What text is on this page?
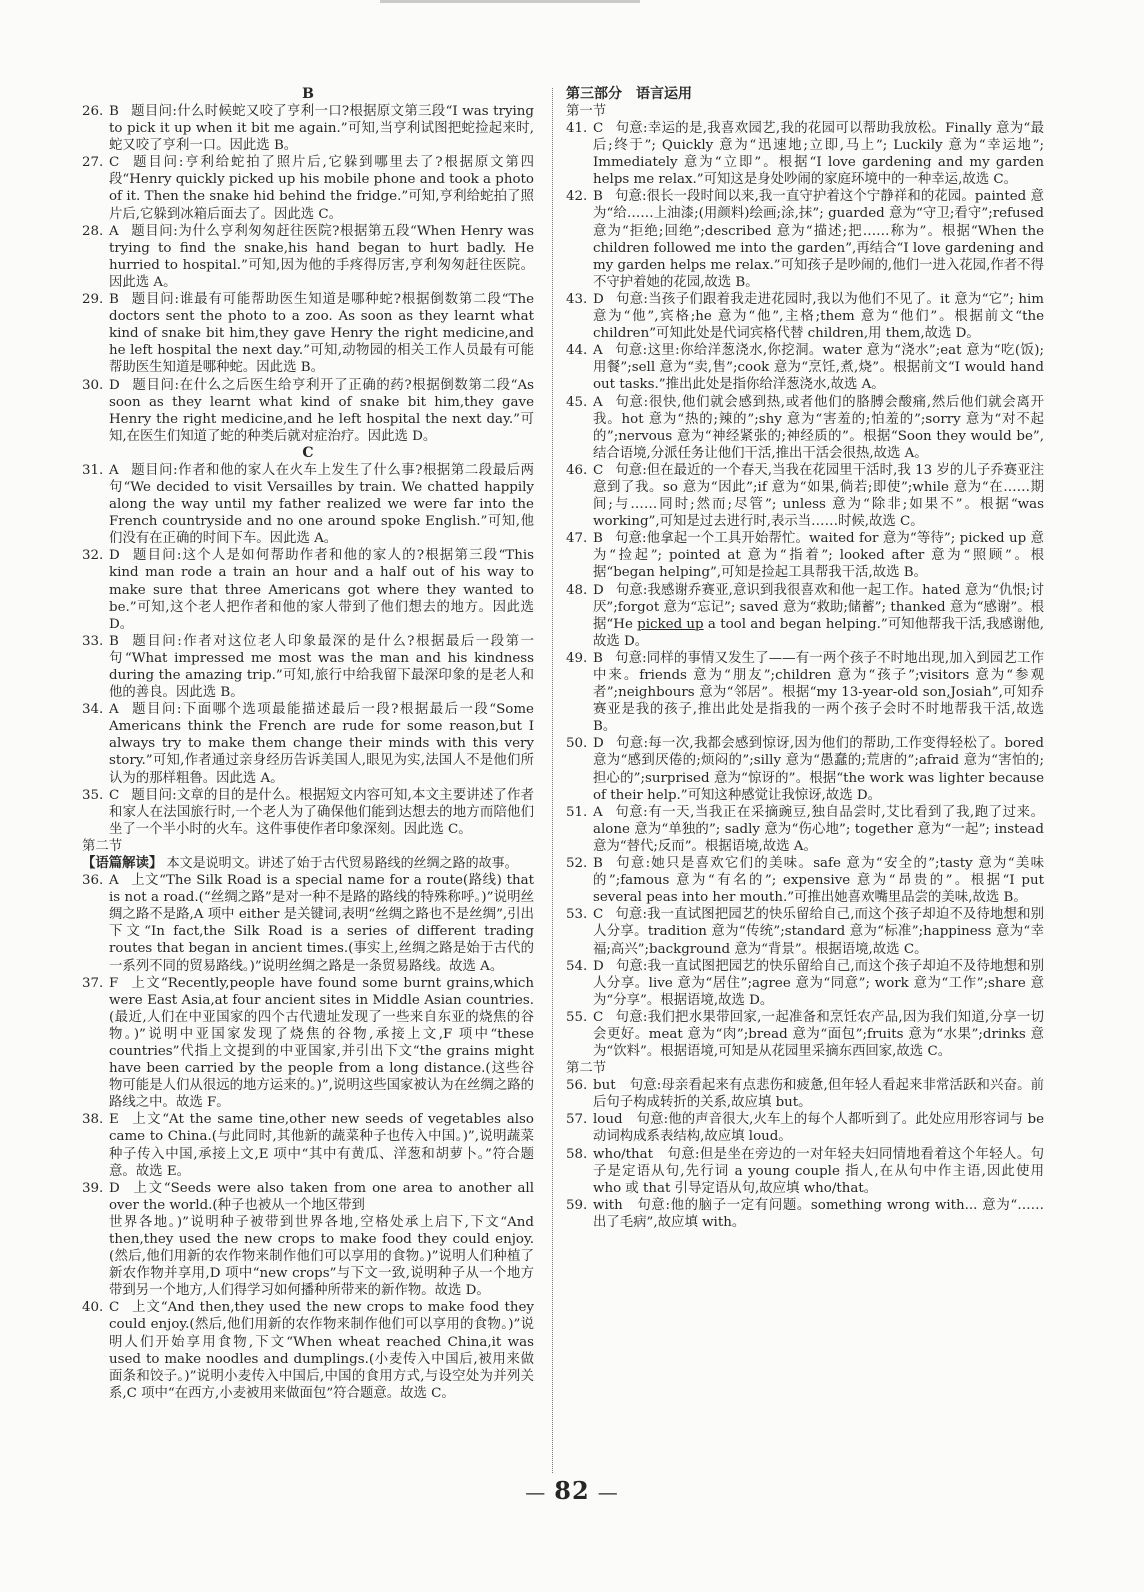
B

26. B 题目问:什么时候蛇又咬了亨利一口?根据原文第三段“I was trying to pick it up when it bit me again.”可知,当亨利试图把蛇捡起来时,蛇又咬了亨利一口。因此选 B。

27. C 题目问:亨利给蛇拍了照片后,它躲到哪里去了?根据原文第四段“Henry quickly picked up his mobile phone and took a photo of it. Then the snake hid behind the fridge.”可知,亨利给蛇拍了照片后,它躲到冰箱后面去了。因此选 C。

28. A 题目问:为什么亨利匆匆赶往医院?根据第五段“When Henry was trying to find the snake,his hand began to hurt badly. He hurried to hospital.”可知,因为他的手疼得厉害,亨利匆匆赶往医院。因此选 A。

29. B 题目问:谁最有可能帮助医生知道是哪种蛇?根据倒数第二段“The doctors sent the photo to a zoo. As soon as they learnt what kind of snake bit him,they gave Henry the right medicine,and he left hospital the next day.”可知,动物园的相关工作人员最有可能帮助医生知道是哪种蛇。因此选 B。

30. D 题目问:在什么之后医生给亨利开了正确的药?根据倒数第二段“As soon as they learnt what kind of snake bit him,they gave Henry the right medicine,and he left hospital the next day.”可知,在医生们知道了蛇的种类后就对症治疗。因此选 D。

C

31. A 题目问:作者和他的家人在火车上发生了什么事?根据第二段最后两句“We decided to visit Versailles by train. We chatted happily along the way until my father realized we were far into the French countryside and no one around spoke English.”可知,他们没有在正确的时间下车。因此选 A。

32. D 题目问:这个人是如何帮助作者和他的家人的?根据第三段“This kind man rode a train an hour and a half out of his way to make sure that three Americans got where they wanted to be.”可知,这个老人把作者和他的家人带到了他们想去的地方。因此选 D。

33. B 题目问:作者对这位老人印象最深的是什么?根据最后一段第一句“What impressed me most was the man and his kindness during the amazing trip.”可知,旅行中给我留下最深印象的是老人和他的善良。因此选 B。

34. A 题目问:下面哪个选项最能描述最后一段?根据最后一段“Some Americans think the French are rude for some reason,but I always try to make them change their minds with this very story.”可知,作者通过亲身经历告诉美国人,眼见为实,法国人不是他们所认为的那样粗鲁。因此选 A。

35. C 题目问:文章的目的是什么。根据短文内容可知,本文主要讲述了作者和家人在法国旅行时,一个老人为了确保他们能到达想去的地方而陪他们坐了一个半小时的火车。这件事使作者印象深刻。因此选 C。

第二节
【语篇解读】 本文是说明文。讲述了始于古代贸易路线的丝绸之路的故事。

36. A 上文“The Silk Road is a special name for a route(路线) that is not a road.(“丝绸之路”是对一种不是路的路线的特殊称呼。)”说明丝绸之路不是路,A 项中 either 是关键词,表明“丝绸之路也不是丝绸”,引出下文“In fact,the Silk Road is a series of different trading routes that began in ancient times.(事实上,丝绸之路是始于古代的一系列不同的贸易路线。)”说明丝绸之路是一条贸易路线。故选 A。

37. F 上文“Recently,people have found some burnt grains,which were East Asia,at four ancient sites in Middle Asian countries.(最近,人们在中亚国家的四个古代遗址发现了一些来自东亚的烧焦的谷物。)”说明中亚国家发现了烧焦的谷物,承接上文,F 项中“these countries”代指上文提到的中亚国家,并引出下文“the grains might have been carried by the people from a long distance.(这些谷物可能是人们从很远的地方运来的。)”,说明这些国家被认为在丝绸之路的路线之中。故选 F。

38. E 上文“At the same tine,other new seeds of vegetables also came to China.(与此同时,其他新的蔬菜种子也传入中国。)”,说明蔬菜种子传入中国,承接上文,E 项中“其中有黄瓜、洋葱和胡萝卜。”符合题意。故选 E。

39. D 上文“Seeds were also taken from one area to another all over the world.(种子也被从一个地区带到
世界各地。)”说明种子被带到世界各地,空格处承上启下,下文“And then,they used the new crops to make food they could enjoy.(然后,他们用新的农作物来制作他们可以享用的食物。)”说明人们种植了新农作物并享用,D 项中“new crops”与下文一致,说明种子从一个地方带到另一个地方,人们得学习如何播种所带来的新作物。故选 D。

40. C 上文“And then,they used the new crops to make food they could enjoy.(然后,他们用新的农作物来制作他们可以享用的食物。)”说明人们开始享用食物,下文“When wheat reached China,it was used to make noodles and dumplings.(小麦传入中国后,被用来做面条和饺子。)”说明小麦传入中国后,中国的食用方式,与设空处为并列关系,C 项中“在西方,小麦被用来做面包”符合题意。故选 C。

第三部分　语言运用
第一节

41. C 句意:幸运的是,我喜欢园艺,我的花园可以帮助我放松。Finally 意为“最后;终于”; Quickly 意为“迅速地;立即,马上”; Luckily 意为“幸运地”; Immediately 意为“立即”。根据“I love gardening and my garden helps me relax.”可知这是身处吵闹的家庭环境中的一种幸运,故选 C。

42. B 句意:很长一段时间以来,我一直守护着这个宁静祥和的花园。painted 意为“给……上油漆;(用颜料)绘画;涂,抹”; guarded 意为“守卫;看守”;refused 意为“拒绝;回绝”;described 意为“描述;把……称为”。根据“When the children followed me into the garden”,再结合“I love gardening and my garden helps me relax.”可知孩子是吵闹的,他们一进入花园,作者不得不守护着她的花园,故选 B。

43. D 句意:当孩子们跟着我走进花园时,我以为他们不见了。it 意为“它”; him 意为“他”,宾格;he 意为“他”,主格;them 意为“他们”。根据前文“the children”可知此处是代词宾格代替 children,用 them,故选 D。

44. A 句意:这里:你给洋葱浇水,你挖洞。water 意为“浇水”;eat 意为“吃(饭);用餐”;sell 意为“卖,售”;cook 意为“烹饪,煮,烧”。根据前文“I would hand out tasks.”推出此处是指你给洋葱浇水,故选 A。

45. A 句意:很快,他们就会感到热,或者他们的胳膊会酸痛,然后他们就会离开我。hot 意为“热的;辣的”;shy 意为“害羞的;怕羞的”;sorry 意为“对不起的”;nervous 意为“神经紧张的;神经质的”。根据“Soon they would be”,结合语境,分派任务让他们干活,推出干活会很热,故选 A。

46. C 句意:但在最近的一个春天,当我在花园里干活时,我 13 岁的儿子乔赛亚注意到了我。so 意为“因此”;if 意为“如果,倘若;即使”;while 意为“在……期间;与……同时;然而;尽管”; unless 意为“除非;如果不”。根据“was working”,可知是过去进行时,表示当……时候,故选 C。

47. B 句意:他拿起一个工具开始帮忙。waited for 意为“等待”; picked up 意为“捡起”; pointed at 意为“指着”; looked after 意为“照顾”。根据“began helping”,可知是捡起工具帮我干活,故选 B。

48. D 句意:我感谢乔赛亚,意识到我很喜欢和他一起工作。hated 意为“仇恨;讨厌”;forgot 意为“忘记”; saved 意为“救助;储蓄”; thanked 意为“感谢”。根据“He picked up a tool and began helping.”可知他帮我干活,我感谢他,故选 D。

49. B 句意:同样的事情又发生了——有一两个孩子不时地出现,加入到园艺工作中来。friends 意为“朋友”;children 意为“孩子”;visitors 意为“参观者”;neighbours 意为“邻居”。根据“my 13-year-old son,Josiah”,可知乔赛亚是我的孩子,推出此处是指我的一两个孩子会时不时地帮我干活,故选 B。

50. D 句意:每一次,我都会感到惊讶,因为他们的帮助,工作变得轻松了。bored 意为“感到厌倦的;烦闷的”;silly 意为“愚蠢的;荒唐的”;afraid 意为“害怕的;担心的”;surprised 意为“惊讶的”。根据“the work was lighter because of their help.”可知这种感觉让我惊讶,故选 D。

51. A 句意:有一天,当我正在采摘豌豆,独自品尝时,艾比看到了我,跑了过来。alone 意为“单独的”; sadly 意为“伤心地”; together 意为“一起”; instead 意为“替代;反而”。根据语境,故选 A。

52. B 句意:她只是喜欢它们的美味。safe 意为“安全的”;tasty 意为“美味的”;famous 意为“有名的”; expensive 意为“昂贵的”。根据“I put several peas into her mouth.”可推出她喜欢嘴里品尝的美味,故选 B。

53. C 句意:我一直试图把园艺的快乐留给自己,而这个孩子却迫不及待地想和别人分享。tradition 意为“传统”;standard 意为“标准”;happiness 意为“幸福;高兴”;background 意为“背景”。根据语境,故选 C。

54. D 句意:我一直试图把园艺的快乐留给自己,而这个孩子却迫不及待地想和别人分享。live 意为“居住”;agree 意为“同意”; work 意为“工作”;share 意为“分享”。根据语境,故选 D。

55. C 句意:我们把水果带回家,一起准备和烹饪农产品,因为我们知道,分享一切会更好。meat 意为“肉”;bread 意为“面包”;fruits 意为“水果”;drinks 意为“饮料”。根据语境,可知是从花园里采摘东西回家,故选 C。

第二节

56. but 句意:母亲看起来有点悲伤和疲惫,但年轻人看起来非常活跃和兴奋。前后句子构成转折的关系,故应填 but。

57. loud 句意:他的声音很大,火车上的每个人都听到了。此处应用形容词与 be 动词构成系表结构,故应填 loud。

58. who/that 句意:但是坐在旁边的一对年轻夫妇同情地看着这个年轻人。句子是定语从句,先行词 a young couple 指人,在从句中作主语,因此使用 who 或 that 引导定语从句,故应填 who/that。

59. with 句意:他的脑子一定有问题。something wrong with... 意为“……出了毛病”,故应填 with。

— 82 —
